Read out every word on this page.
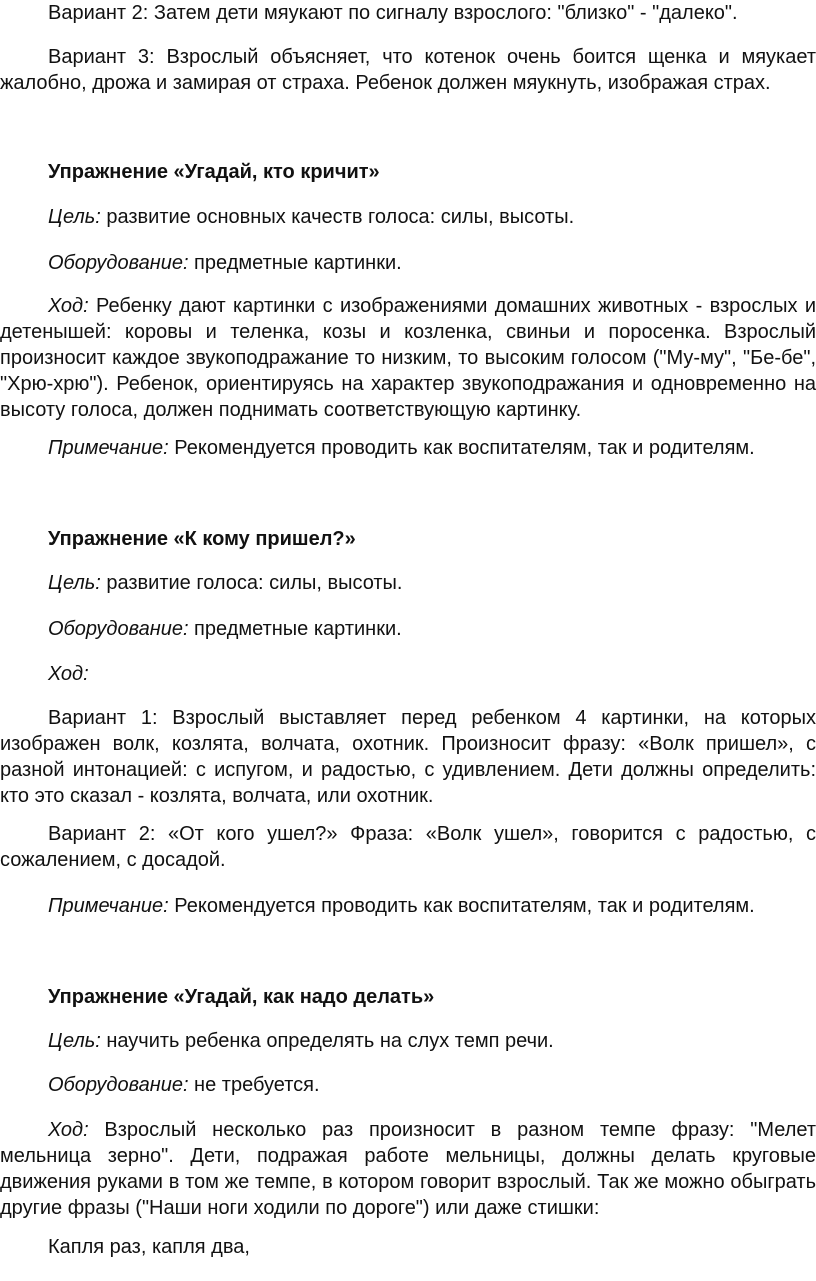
Вариант 2: Затем дети мяукают по сигналу взрослого: "близко" - "далеко".

Вариант 3: Взрослый объясняет, что котенок очень боится щенка и мяукает жалобно, дрожа и замирая от страха. Ребенок должен мяукнуть, изображая страх.

Упражнение «Угадай, кто кричит»

Цель: развитие основных качеств голоса: силы, высоты.

Оборудование: предметные картинки.

Ход: Ребенку дают картинки с изображениями домашних животных - взрослых и детенышей: коровы и теленка, козы и козленка, свиньи и поросенка. Взрослый произносит каждое звукоподражание то низким, то высоким голосом ("Му-му", "Бе-бе", "Хрю-хрю"). Ребенок, ориентируясь на характер звукоподражания и одновременно на высоту голоса, должен поднимать соответствующую картинку.

Примечание: Рекомендуется проводить как воспитателям, так и родителям.

Упражнение «К кому пришел?»

Цель: развитие голоса: силы, высоты.

Оборудование: предметные картинки.

Ход:

Вариант 1: Взрослый выставляет перед ребенком 4 картинки, на которых изображен волк, козлята, волчата, охотник. Произносит фразу: «Волк пришел», с разной интонацией: с испугом, и радостью, с удивлением. Дети должны определить: кто это сказал - козлята, волчата, или охотник.

Вариант 2: «От кого ушел?» Фраза: «Волк ушел», говорится с радостью, с сожалением, с досадой.

Примечание: Рекомендуется проводить как воспитателям, так и родителям.

Упражнение «Угадай, как надо делать»

Цель: научить ребенка определять на слух темп речи.

Оборудование: не требуется.

Ход: Взрослый несколько раз произносит в разном темпе фразу: "Мелет мельница зерно". Дети, подражая работе мельницы, должны делать круговые движения руками в том же темпе, в котором говорит взрослый. Так же можно обыграть другие фразы ("Наши ноги ходили по дороге") или даже стишки:

Капля раз, капля два,
